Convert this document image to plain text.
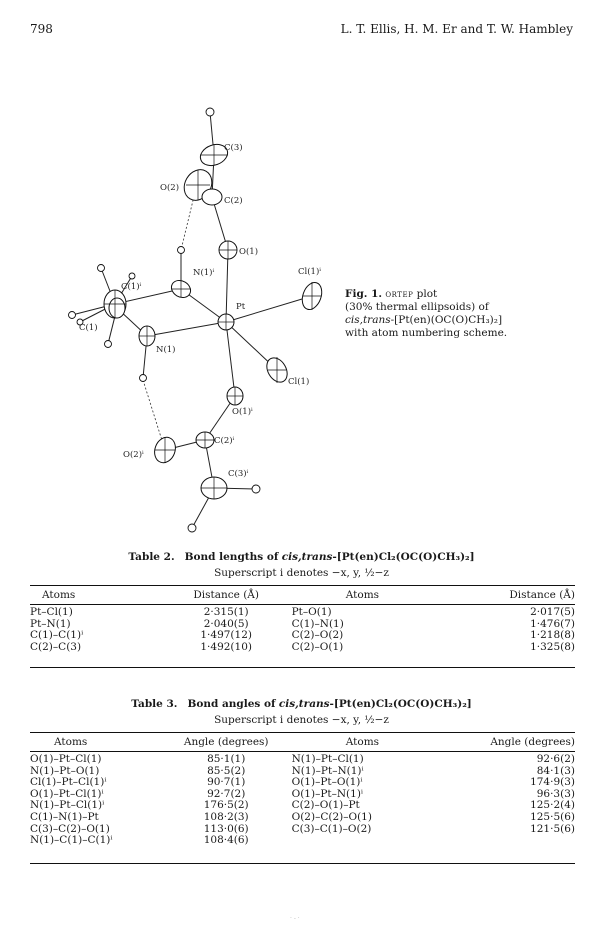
798	L. T. Ellis, H. M. Er and T. W. Hambley
C(3)
O(2)
C(2)
O(1)
N(1)ⁱ	Cl(1)ⁱ
C(1)ⁱ
Pt
C(1)
N(1)
Cl(1)
O(1)ⁱ
C(2)ⁱ
O(2)ⁱ
C(3)ⁱ
Fig. 1. ortep plot
(30% thermal ellipsoids) of
cis,trans-[Pt(en)(OC(O)CH₃)₂]
with atom numbering scheme.
Table 2. Bond lengths of cis,trans-[Pt(en)Cl₂(OC(O)CH₃)₂]
Superscript i denotes −x, y, ½−z
Atoms	Distance (Å)	Atoms	Distance (Å)

Pt–Cl(1)	2·315(1)	Pt–O(1)	2·017(5)
Pt–N(1)	2·040(5)	C(1)–N(1)	1·476(7)
C(1)–C(1)ⁱ	1·497(12)	C(2)–O(2)	1·218(8)
C(2)–C(3)	1·492(10)	C(2)–O(1)	1·325(8)
Table 3. Bond angles of cis,trans-[Pt(en)Cl₂(OC(O)CH₃)₂]
Superscript i denotes −x, y, ½−z
Atoms	Angle (degrees)	Atoms	Angle (degrees)

O(1)–Pt–Cl(1)	85·1(1)	N(1)–Pt–Cl(1)	92·6(2)
N(1)–Pt–O(1)	85·5(2)	N(1)–Pt–N(1)ⁱ	84·1(3)
Cl(1)–Pt–Cl(1)ⁱ	90·7(1)	O(1)–Pt–O(1)ⁱ	174·9(3)
O(1)–Pt–Cl(1)ⁱ	92·7(2)	O(1)–Pt–N(1)ⁱ	96·3(3)
N(1)–Pt–Cl(1)ⁱ	176·5(2)	C(2)–O(1)–Pt	125·2(4)
C(1)–N(1)–Pt	108·2(3)	O(2)–C(2)–O(1)	125·5(6)
C(3)–C(2)–O(1)	113·0(6)	C(3)–C(1)–O(2)	121·5(6)
N(1)–C(1)–C(1)ⁱ	108·4(6)		
· ‐ ·
